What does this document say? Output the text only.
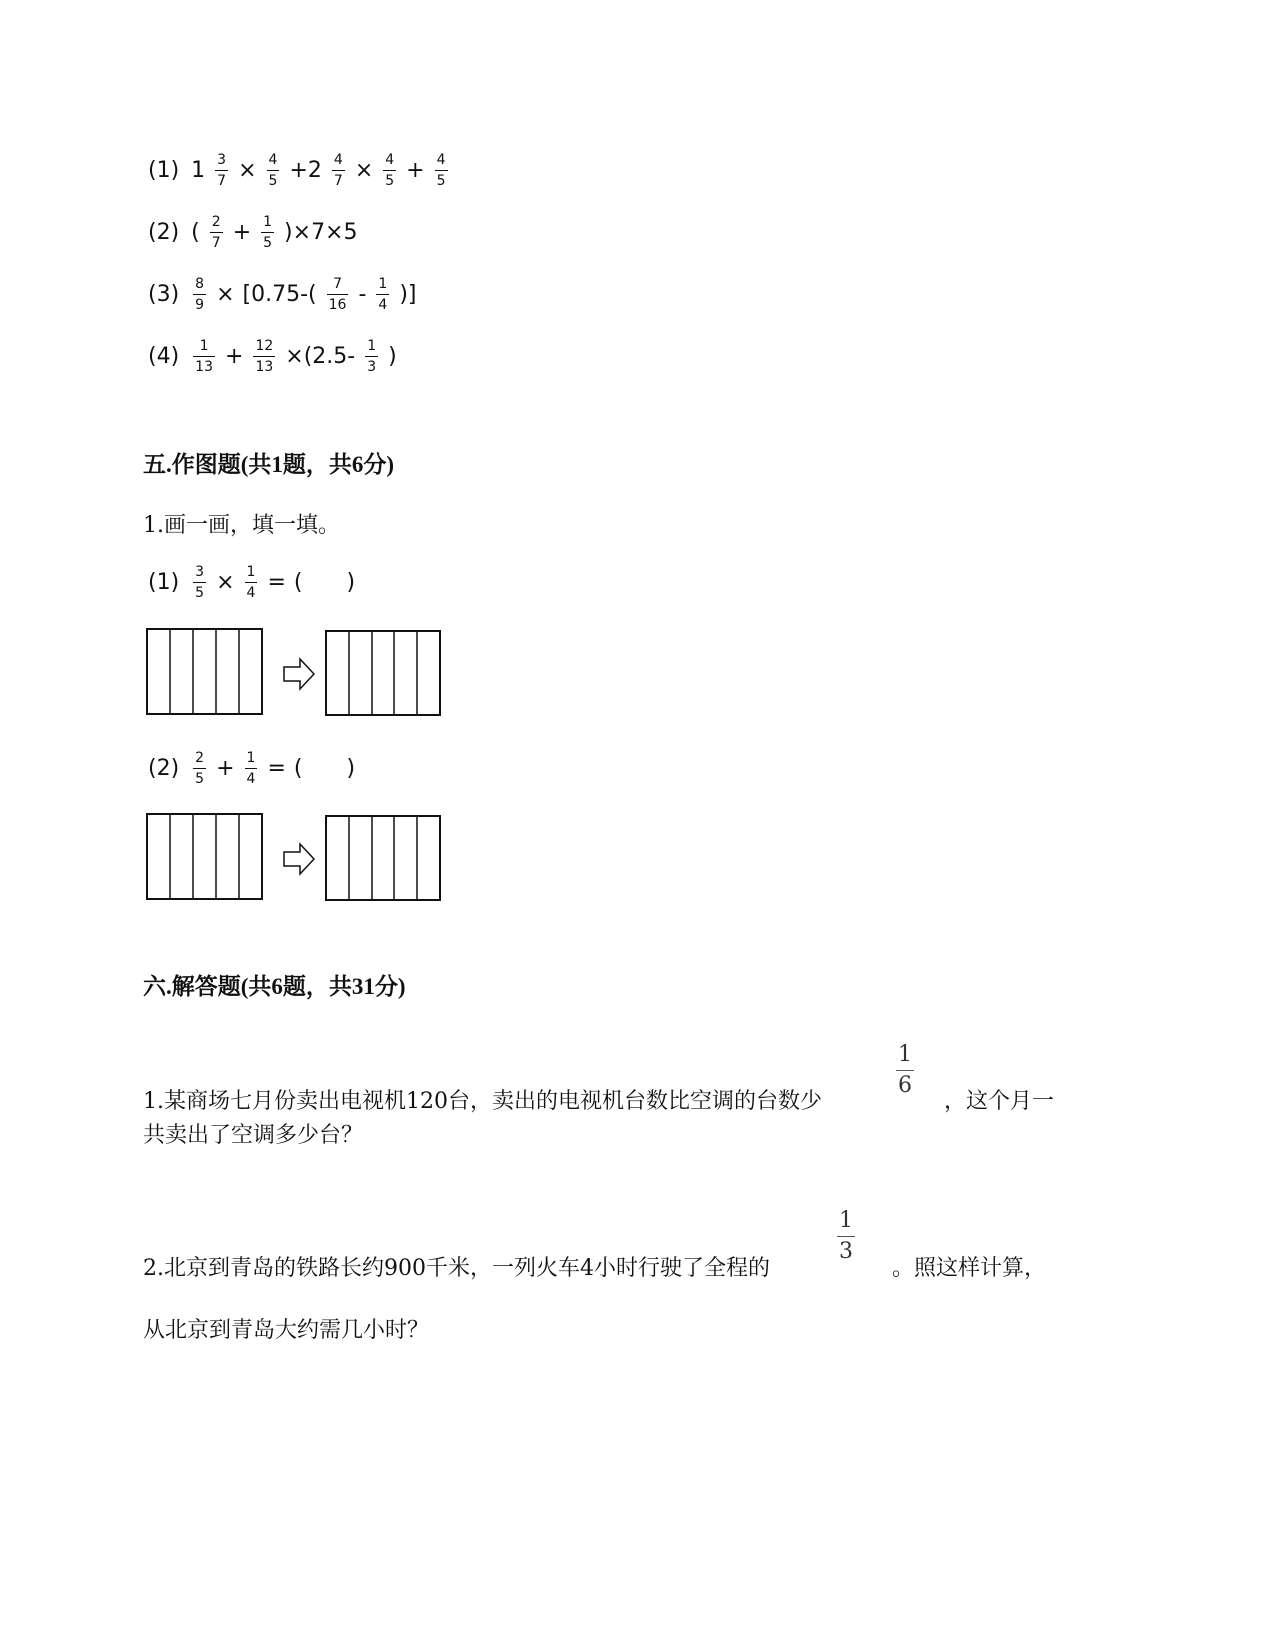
(1) $1 \frac{3}{7} \times \frac{4}{5} +2 \frac{4}{7} \times \frac{4}{5} + \frac{4}{5}$
(2) ( $\frac{2}{7} + \frac{1}{5} )\times 7\times 5$
$(3) \frac{8}{9} \times [0.75-( \frac{7}{16} - \frac{1}{4}$ )]
$(4) \frac{1}{13} + \frac{12}{13} \times(2.5- \frac{1}{3}$ )
五.作图题(共1题，共6分)
1.画一画，填一填。
$(1) \frac{3}{5} \times \frac{1}{4}$ = ( )
$(2) \frac{2}{5} + \frac{1}{4}$ = ( )
六.解答题(共6题，共31分)
1.某商场七月份卖出电视机120台，卖出的电视机台数比空调的台数少
1
6
，这个月一
共卖出了空调多少台？
2.北京到青岛的铁路长约900千米，一列火车4小时行驶了全程的
1
3
。照这样计算，
从北京到青岛大约需几小时？
